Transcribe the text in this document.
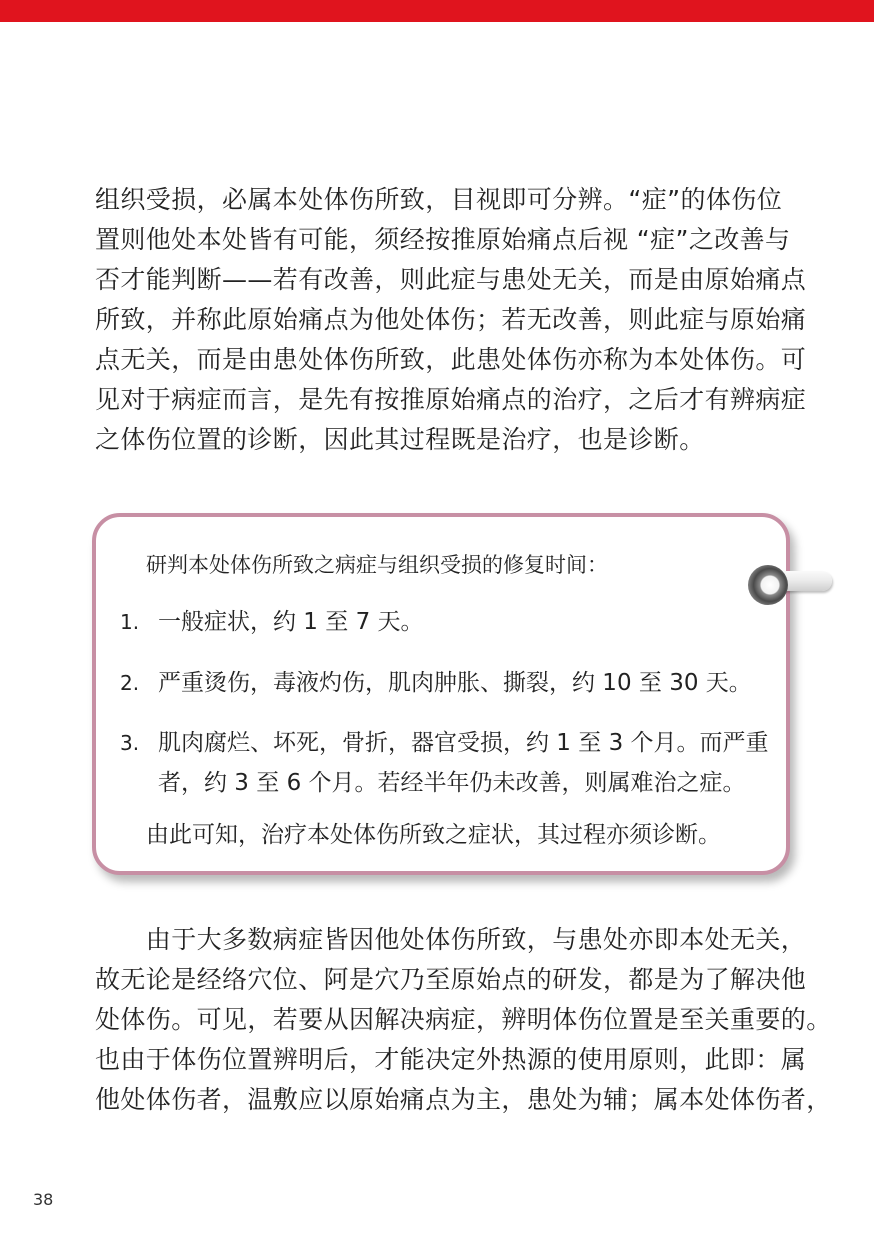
组织受损，必属本处体伤所致，目视即可分辨。“症”的体伤位
置则他处本处皆有可能，须经按推原始痛点后视 “症”之改善与
否才能判断——若有改善，则此症与患处无关，而是由原始痛点
所致，并称此原始痛点为他处体伤；若无改善，则此症与原始痛
点无关，而是由患处体伤所致，此患处体伤亦称为本处体伤。可
见对于病症而言，是先有按推原始痛点的治疗，之后才有辨病症
之体伤位置的诊断，因此其过程既是治疗，也是诊断。
研判本处体伤所致之病症与组织受损的修复时间：
1. 一般症状，约 1 至 7 天。
2. 严重烫伤，毒液灼伤，肌肉肿胀、撕裂，约 10 至 30 天。
3. 肌肉腐烂、坏死，骨折，器官受损，约 1 至 3 个月。而严重
者，约 3 至 6 个月。若经半年仍未改善，则属难治之症。
由此可知，治疗本处体伤所致之症状，其过程亦须诊断。
　　由于大多数病症皆因他处体伤所致，与患处亦即本处无关，
故无论是经络穴位、阿是穴乃至原始点的研发，都是为了解决他
处体伤。可见，若要从因解决病症，辨明体伤位置是至关重要的。
也由于体伤位置辨明后，才能决定外热源的使用原则，此即：属
他处体伤者，温敷应以原始痛点为主，患处为辅；属本处体伤者，
38
